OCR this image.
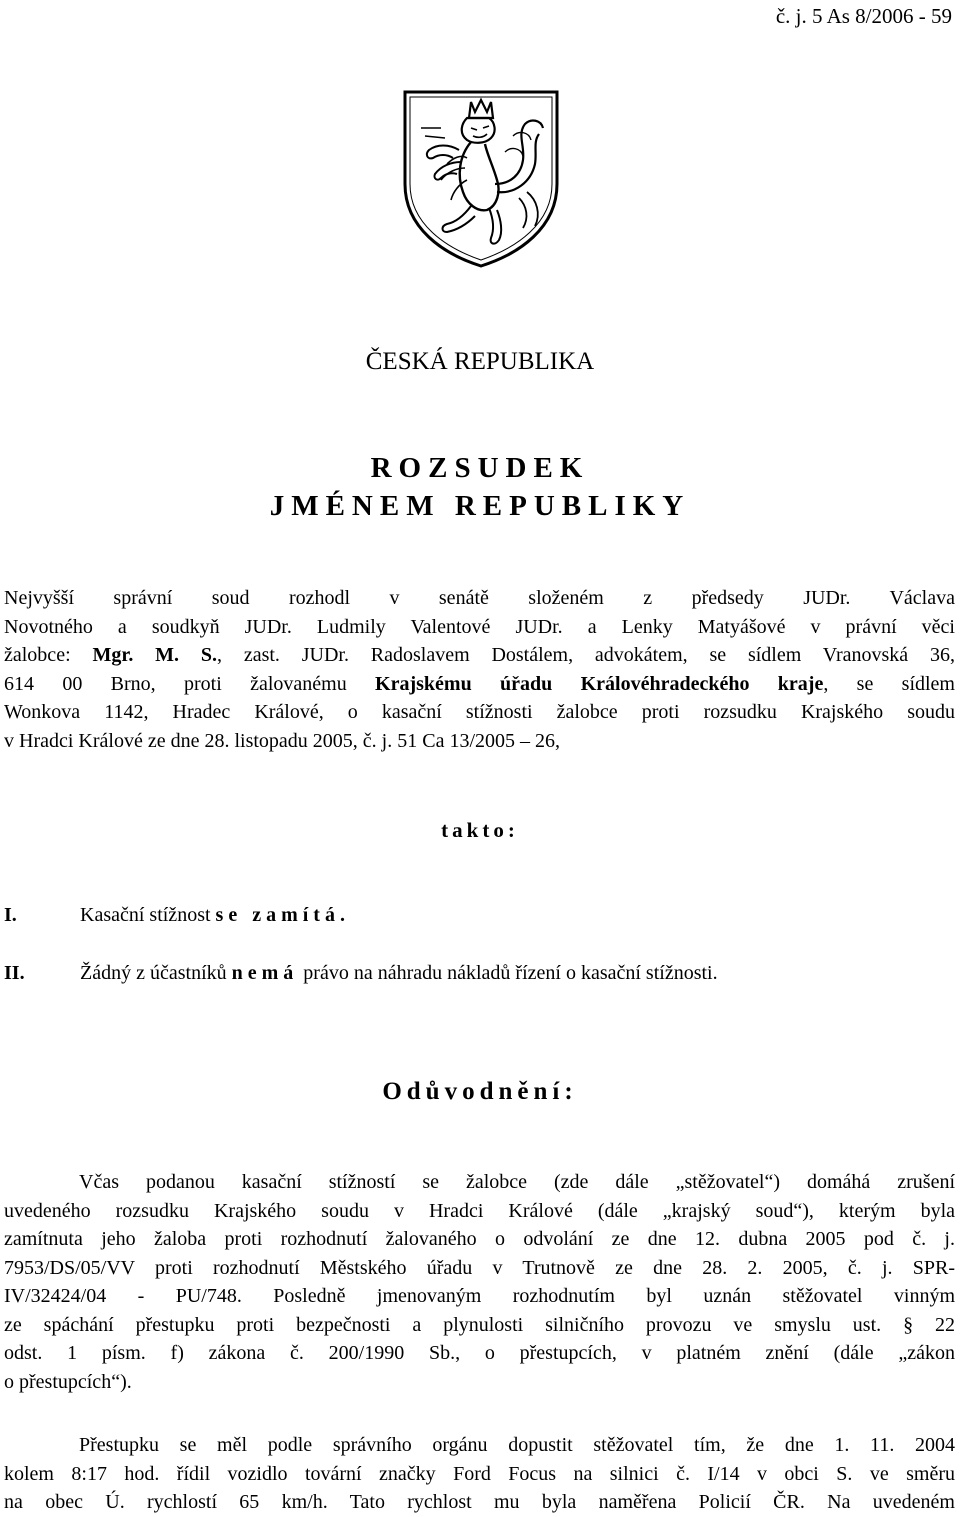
č. j. 5 As 8/2006 - 59
ČESKÁ REPUBLIKA
ROZSUDEK
JMÉNEM REPUBLIKY
Nejvyšší správní soud rozhodl v senátě složeném z předsedy JUDr. Václava
Novotného a soudkyň JUDr. Ludmily Valentové JUDr. a Lenky Matyášové v právní věci
žalobce: Mgr. M. S., zast. JUDr. Radoslavem Dostálem, advokátem, se sídlem Vranovská 36,
614 00 Brno, proti žalovanému Krajskému úřadu Královéhradeckého kraje, se sídlem
Wonkova 1142, Hradec Králové, o kasační stížnosti žalobce proti rozsudku Krajského soudu
v Hradci Králové ze dne 28. listopadu 2005, č. j. 51 Ca 13/2005 – 26,
takto:
I.	Kasační stížnost se zamítá.
II.	Žádný z účastníků nemá právo na náhradu nákladů řízení o kasační stížnosti.
Odůvodnění:
Včas podanou kasační stížností se žalobce (zde dále „stěžovatel“) domáhá zrušení
uvedeného rozsudku Krajského soudu v Hradci Králové (dále „krajský soud“), kterým byla
zamítnuta jeho žaloba proti rozhodnutí žalovaného o odvolání ze dne 12. dubna 2005 pod č. j.
7953/DS/05/VV proti rozhodnutí Městského úřadu v Trutnově ze dne 28. 2. 2005, č. j. SPR-
IV/32424/04 - PU/748. Posledně jmenovaným rozhodnutím byl uznán stěžovatel vinným
ze spáchání přestupku proti bezpečnosti a plynulosti silničního provozu ve smyslu ust. § 22
odst. 1 písm. f) zákona č. 200/1990 Sb., o přestupcích, v platném znění (dále „zákon
o přestupcích“).
Přestupku se měl podle správního orgánu dopustit stěžovatel tím, že dne 1. 11. 2004
kolem 8:17 hod. řídil vozidlo tovární značky Ford Focus na silnici č. I/14 v obci S. ve směru
na obec Ú. rychlostí 65 km/h. Tato rychlost mu byla naměřena Policií ČR. Na uvedeném
